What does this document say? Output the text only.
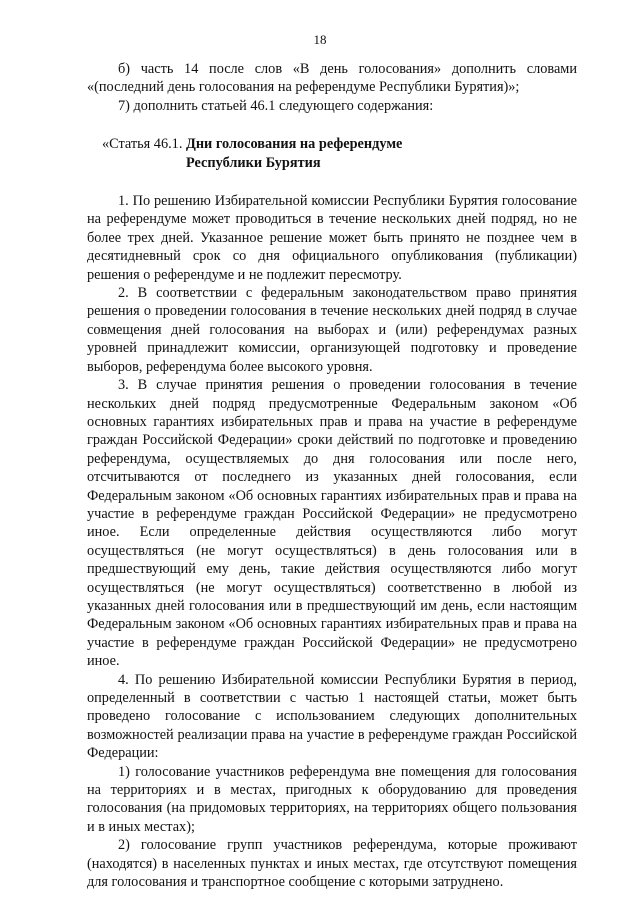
18

б) часть 14 после слов «В день голосования» дополнить словами «(последний день голосования на референдуме Республики Бурятия)»;

7) дополнить статьей 46.1 следующего содержания:

«Статья 46.1. Дни голосования на референдуме
Республики Бурятия

1. По решению Избирательной комиссии Республики Бурятия голосование на референдуме может проводиться в течение нескольких дней подряд, но не более трех дней. Указанное решение может быть принято не позднее чем в десятидневный срок со дня официального опубликования (публикации) решения о референдуме и не подлежит пересмотру.

2. В соответствии с федеральным законодательством право принятия решения о проведении голосования в течение нескольких дней подряд в случае совмещения дней голосования на выборах и (или) референдумах разных уровней принадлежит комиссии, организующей подготовку и проведение выборов, референдума более высокого уровня.

3. В случае принятия решения о проведении голосования в течение нескольких дней подряд предусмотренные Федеральным законом «Об основных гарантиях избирательных прав и права на участие в референдуме граждан Российской Федерации» сроки действий по подготовке и проведению референдума, осуществляемых до дня голосования или после него, отсчитываются от последнего из указанных дней голосования, если Федеральным законом «Об основных гарантиях избирательных прав и права на участие в референдуме граждан Российской Федерации» не предусмотрено иное. Если определенные действия осуществляются либо могут осуществляться (не могут осуществляться) в день голосования или в предшествующий ему день, такие действия осуществляются либо могут осуществляться (не могут осуществляться) соответственно в любой из указанных дней голосования или в предшествующий им день, если настоящим Федеральным законом «Об основных гарантиях избирательных прав и права на участие в референдуме граждан Российской Федерации» не предусмотрено иное.

4. По решению Избирательной комиссии Республики Бурятия в период, определенный в соответствии с частью 1 настоящей статьи, может быть проведено голосование с использованием следующих дополнительных возможностей реализации права на участие в референдуме граждан Российской Федерации:

1) голосование участников референдума вне помещения для голосования на территориях и в местах, пригодных к оборудованию для проведения голосования (на придомовых территориях, на территориях общего пользования и в иных местах);

2) голосование групп участников референдума, которые проживают (находятся) в населенных пунктах и иных местах, где отсутствуют помещения для голосования и транспортное сообщение с которыми затруднено.
